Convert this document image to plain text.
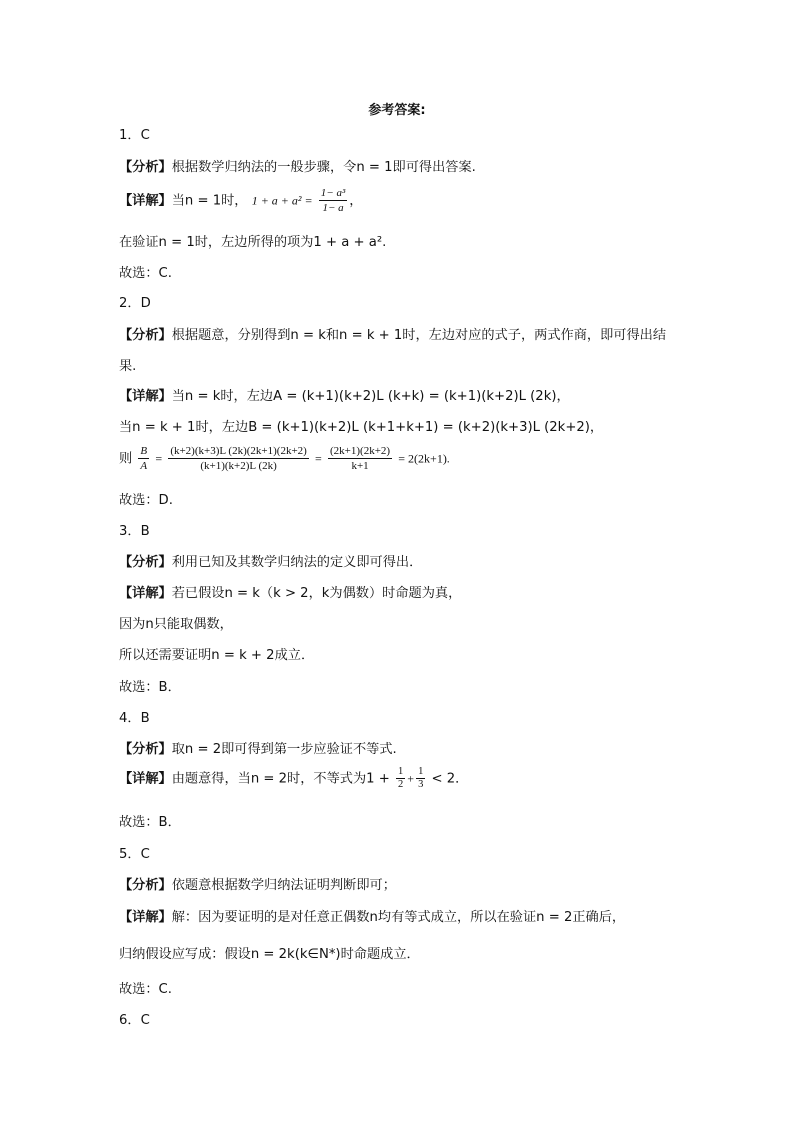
参考答案:
1．C
【分析】根据数学归纳法的一般步骤，令n = 1即可得出答案.
【详解】当n = 1时， $1 + a + a^2 = \frac{\text{1− a³}}{1- a}$ ，
在验证n = 1时，左边所得的项为1 + a + a².
故选：C.
2．D
【分析】根据题意，分别得到n = k和n = k + 1时，左边对应的式子，两式作商，即可得出结
果.
【详解】当n = k时，左边A = (k+1)(k+2)L (k+k) = (k+1)(k+2)L (2k)，
当n = k + 1时，左边B = (k+1)(k+2)L (k+1+k+1) = (k+2)(k+3)L (2k+2)，
则 $\frac{B}{A} = \frac{(k+2)(k+3)L (2k)(2k+1)(2k+2)}{(k+1)(k+2)L (2k)} = \frac{(2k+1)(2k+2)}{k+1} = 2(2k+1)$.
故选：D.
3．B
【分析】利用已知及其数学归纳法的定义即可得出．
【详解】若已假设n = k（k > 2，k为偶数）时命题为真，
因为n只能取偶数，
所以还需要证明n = k + 2成立．
故选：B．
4．B
【分析】取n = 2即可得到第一步应验证不等式.
【详解】由题意得，当n = 2时，不等式为$1 + \frac{1}{2} + \frac{1}{3} < 2$．
故选：B．
5．C
【分析】依题意根据数学归纳法证明判断即可；
【详解】解：因为要证明的是对任意正偶数n均有等式成立，所以在验证n = 2正确后，
归纳假设应写成：假设n = 2k(k∈N*)时命题成立．
故选：C.
6．C
